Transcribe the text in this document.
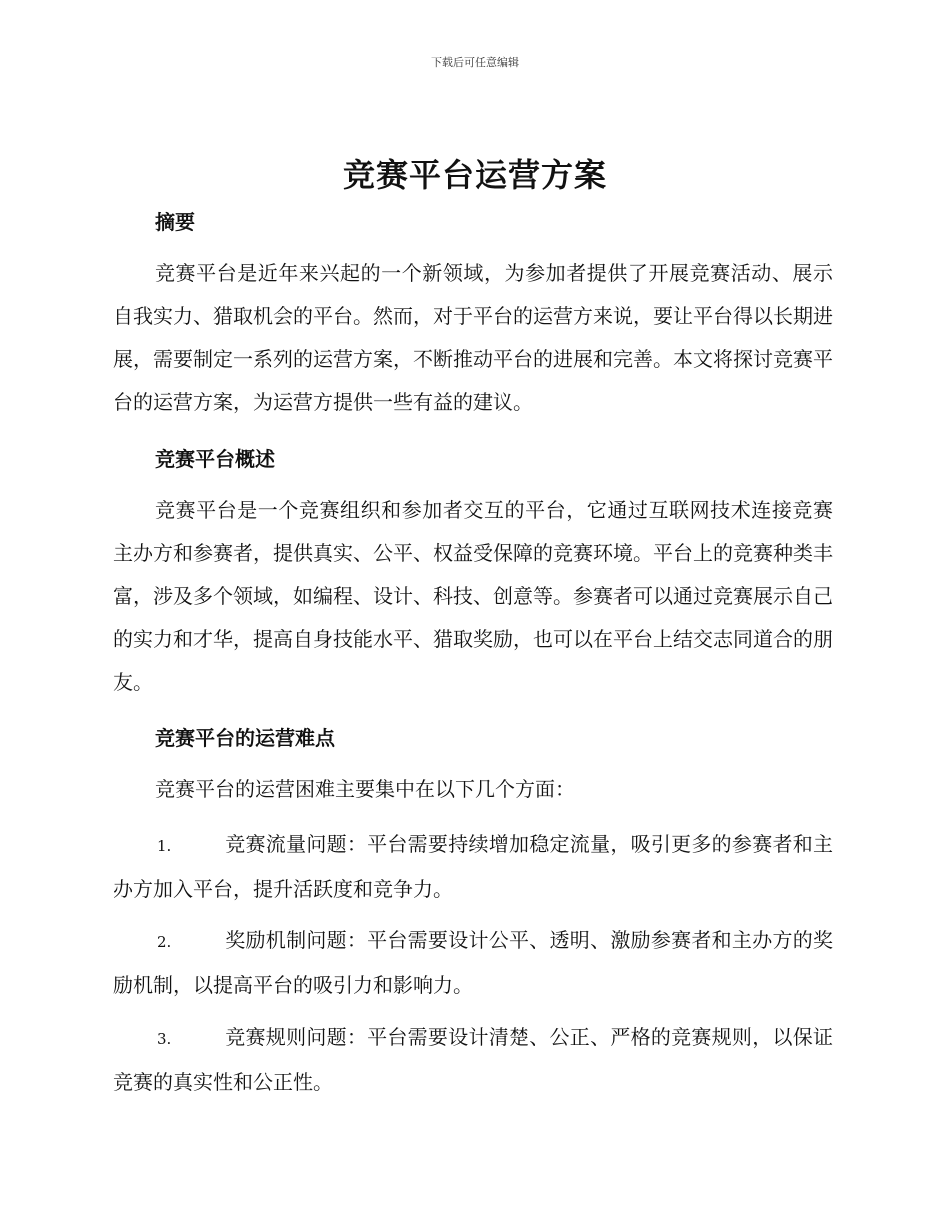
下载后可任意编辑
竞赛平台运营方案
摘要

竞赛平台是近年来兴起的一个新领域，为参加者提供了开展竞赛活动、展示自我实力、猎取机会的平台。然而，对于平台的运营方来说，要让平台得以长期进展，需要制定一系列的运营方案，不断推动平台的进展和完善。本文将探讨竞赛平台的运营方案，为运营方提供一些有益的建议。

竞赛平台概述

竞赛平台是一个竞赛组织和参加者交互的平台，它通过互联网技术连接竞赛主办方和参赛者，提供真实、公平、权益受保障的竞赛环境。平台上的竞赛种类丰富，涉及多个领域，如编程、设计、科技、创意等。参赛者可以通过竞赛展示自己的实力和才华，提高自身技能水平、猎取奖励，也可以在平台上结交志同道合的朋友。

竞赛平台的运营难点

竞赛平台的运营困难主要集中在以下几个方面：

1.	竞赛流量问题：平台需要持续增加稳定流量，吸引更多的参赛者和主办方加入平台，提升活跃度和竞争力。

2.	奖励机制问题：平台需要设计公平、透明、激励参赛者和主办方的奖励机制，以提高平台的吸引力和影响力。

3.	竞赛规则问题：平台需要设计清楚、公正、严格的竞赛规则，以保证竞赛的真实性和公正性。
